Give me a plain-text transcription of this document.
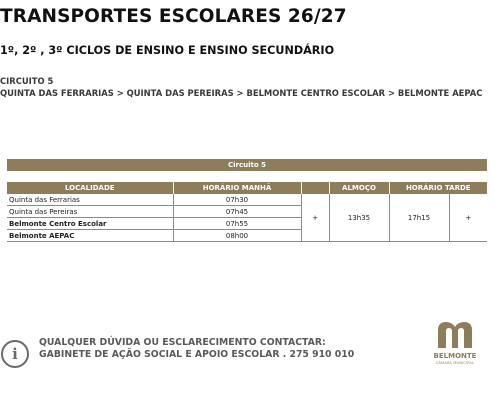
TRANSPORTES ESCOLARES 26/27
1º, 2º , 3º CICLOS DE ENSINO E ENSINO SECUNDÁRIO
CIRCUITO 5
QUINTA DAS FERRARIAS > QUINTA DAS PEREIRAS > BELMONTE CENTRO ESCOLAR > BELMONTE AEPAC
Circuito 5
LOCALIDADE	HORÁRIO MANHÃ		ALMOÇO	HORÁRIO TARDE	
Quinta das Ferrarias	07h30	+	13h35	17h15	+
Quinta das Pereiras	07h45				
Belmonte Centro Escolar	07h55				
Belmonte AEPAC	08h00				
i
QUALQUER DÚVIDA OU ESCLARECIMENTO CONTACTAR:
GABINETE DE AÇÃO SOCIAL E APOIO ESCOLAR . 275 910 010	BELMONTE
CÂMARA MUNICIPAL
